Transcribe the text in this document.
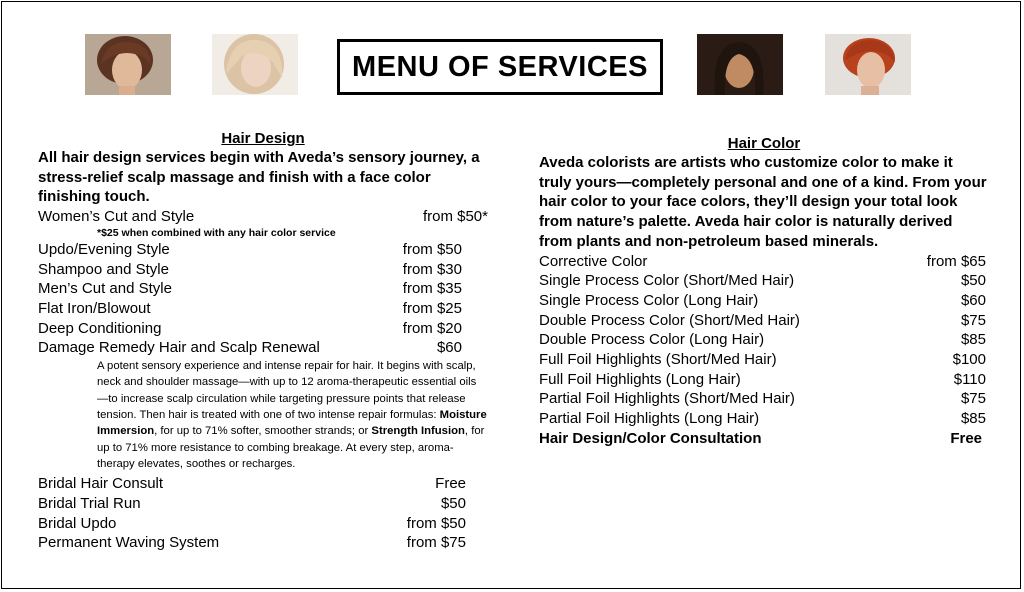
MENU OF SERVICES
Hair Design
All hair design services begin with Aveda’s sensory journey, a stress-relief scalp massage and finish with a face color finishing touch.
Women’s Cut and Style	from $50*
*$25 when combined with any hair color service
Updo/Evening Style	from $50
Shampoo and Style	from $30
Men’s Cut and Style	from $35
Flat Iron/Blowout	from $25
Deep Conditioning	from $20
Damage Remedy Hair and Scalp Renewal	$60
A potent sensory experience and intense repair for hair. It begins with scalp, neck and shoulder massage—with up to 12 aroma-therapeutic essential oils—to increase scalp circulation while targeting pressure points that release tension. Then hair is treated with one of two intense repair formulas: Moisture Immersion, for up to 71% softer, smoother strands; or Strength Infusion, for up to 71% more resistance to combing breakage. At every step, aroma-therapy elevates, soothes or recharges.
Bridal Hair Consult	Free
Bridal Trial Run	$50
Bridal Updo	from $50
Permanent Waving System	from $75
Hair Color
Aveda colorists are artists who customize color to make it truly yours—completely personal and one of a kind. From your hair color to your face colors, they’ll design your total look from nature’s palette. Aveda hair color is naturally derived from plants and non-petroleum based minerals.
Corrective Color	from $65
Single Process Color (Short/Med Hair)	$50
Single Process Color (Long Hair)	$60
Double Process Color (Short/Med Hair)	$75
Double Process Color (Long Hair)	$85
Full Foil Highlights (Short/Med Hair)	$100
Full Foil Highlights (Long Hair)	$110
Partial Foil Highlights (Short/Med Hair)	$75
Partial Foil Highlights (Long Hair)	$85
Hair Design/Color Consultation	Free
